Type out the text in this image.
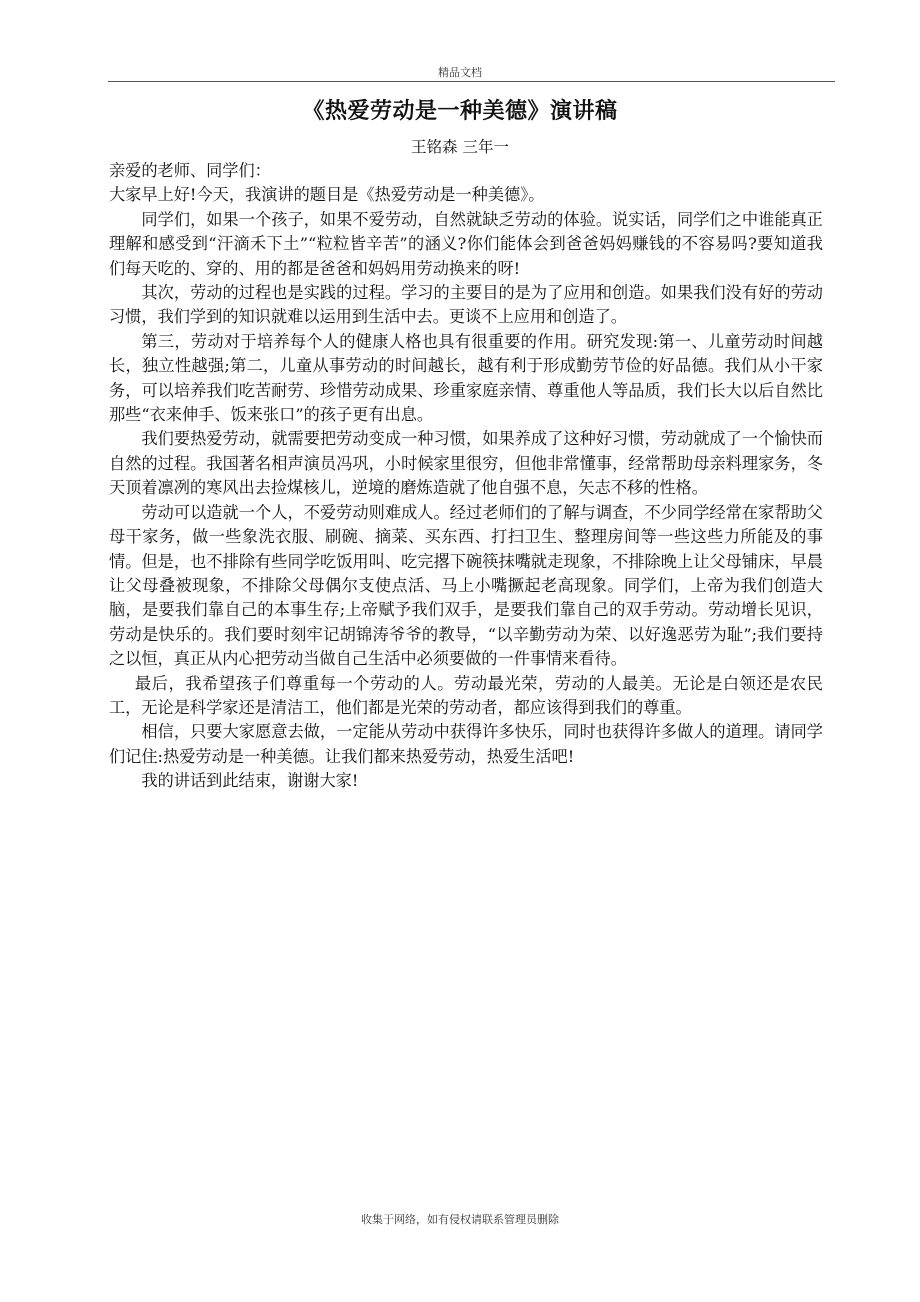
精品文档
《热爱劳动是一种美德》演讲稿
王铭森 三年一

亲爱的老师、同学们：

大家早上好!今天，我演讲的题目是《热爱劳动是一种美德》。

同学们，如果一个孩子，如果不爱劳动，自然就缺乏劳动的体验。说实话，同学们之中谁能真正理解和感受到“汗滴禾下土”“粒粒皆辛苦”的涵义?你们能体会到爸爸妈妈赚钱的不容易吗?要知道我们每天吃的、穿的、用的都是爸爸和妈妈用劳动换来的呀!

其次，劳动的过程也是实践的过程。学习的主要目的是为了应用和创造。如果我们没有好的劳动习惯，我们学到的知识就难以运用到生活中去。更谈不上应用和创造了。

第三，劳动对于培养每个人的健康人格也具有很重要的作用。研究发现:第一、儿童劳动时间越长，独立性越强;第二，儿童从事劳动的时间越长，越有利于形成勤劳节俭的好品德。我们从小干家务，可以培养我们吃苦耐劳、珍惜劳动成果、珍重家庭亲情、尊重他人等品质，我们长大以后自然比那些“衣来伸手、饭来张口”的孩子更有出息。

我们要热爱劳动，就需要把劳动变成一种习惯，如果养成了这种好习惯，劳动就成了一个愉快而自然的过程。我国著名相声演员冯巩，小时候家里很穷，但他非常懂事，经常帮助母亲料理家务，冬天顶着凛冽的寒风出去捡煤核儿，逆境的磨炼造就了他自强不息，矢志不移的性格。

劳动可以造就一个人，不爱劳动则难成人。经过老师们的了解与调查，不少同学经常在家帮助父母干家务，做一些象洗衣服、刷碗、摘菜、买东西、打扫卫生、整理房间等一些这些力所能及的事情。但是，也不排除有些同学吃饭用叫、吃完撂下碗筷抹嘴就走现象，不排除晚上让父母铺床，早晨让父母叠被现象，不排除父母偶尔支使点活、马上小嘴撅起老高现象。同学们，上帝为我们创造大脑，是要我们靠自己的本事生存;上帝赋予我们双手，是要我们靠自己的双手劳动。劳动增长见识，劳动是快乐的。我们要时刻牢记胡锦涛爷爷的教导，“以辛勤劳动为荣、以好逸恶劳为耻”;我们要持之以恒，真正从内心把劳动当做自己生活中必须要做的一件事情来看待。

最后，我希望孩子们尊重每一个劳动的人。劳动最光荣，劳动的人最美。无论是白领还是农民工，无论是科学家还是清洁工，他们都是光荣的劳动者，都应该得到我们的尊重。

相信，只要大家愿意去做，一定能从劳动中获得许多快乐，同时也获得许多做人的道理。请同学们记住:热爱劳动是一种美德。让我们都来热爱劳动，热爱生活吧!

我的讲话到此结束，谢谢大家!

收集于网络，如有侵权请联系管理员删除
